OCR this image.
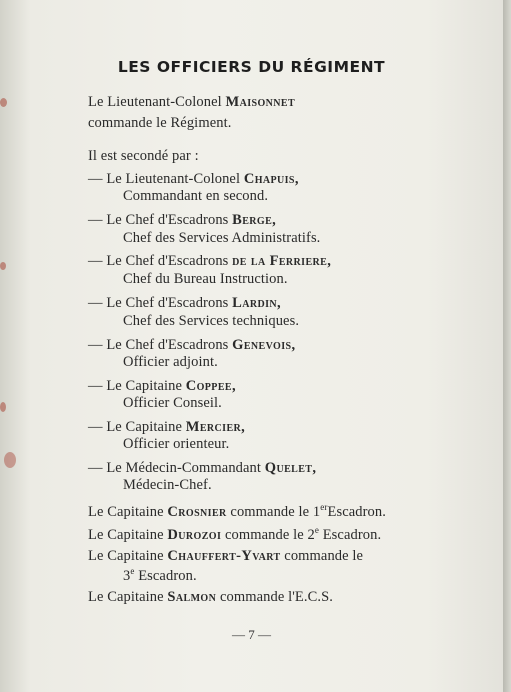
LES OFFICIERS DU RÉGIMENT
Le Lieutenant-Colonel Maisonnet
commande le Régiment.
Il est secondé par :
— Le Lieutenant-Colonel Chapuis,
Commandant en second.
— Le Chef d'Escadrons Berge,
Chef des Services Administratifs.
— Le Chef d'Escadrons de la Ferriere,
Chef du Bureau Instruction.
— Le Chef d'Escadrons Lardin,
Chef des Services techniques.
— Le Chef d'Escadrons Genevois,
Officier adjoint.
— Le Capitaine Coppee,
Officier Conseil.
— Le Capitaine Mercier,
Officier orienteur.
— Le Médecin-Commandant Quelet,
Médecin-Chef.
Le Capitaine Crosnier commande le 1erEscadron.
Le Capitaine Durozoi commande le 2e Escadron.
Le Capitaine Chauffert-Yvart commande le
3e Escadron.
Le Capitaine Salmon commande l'E.C.S.
— 7 —
